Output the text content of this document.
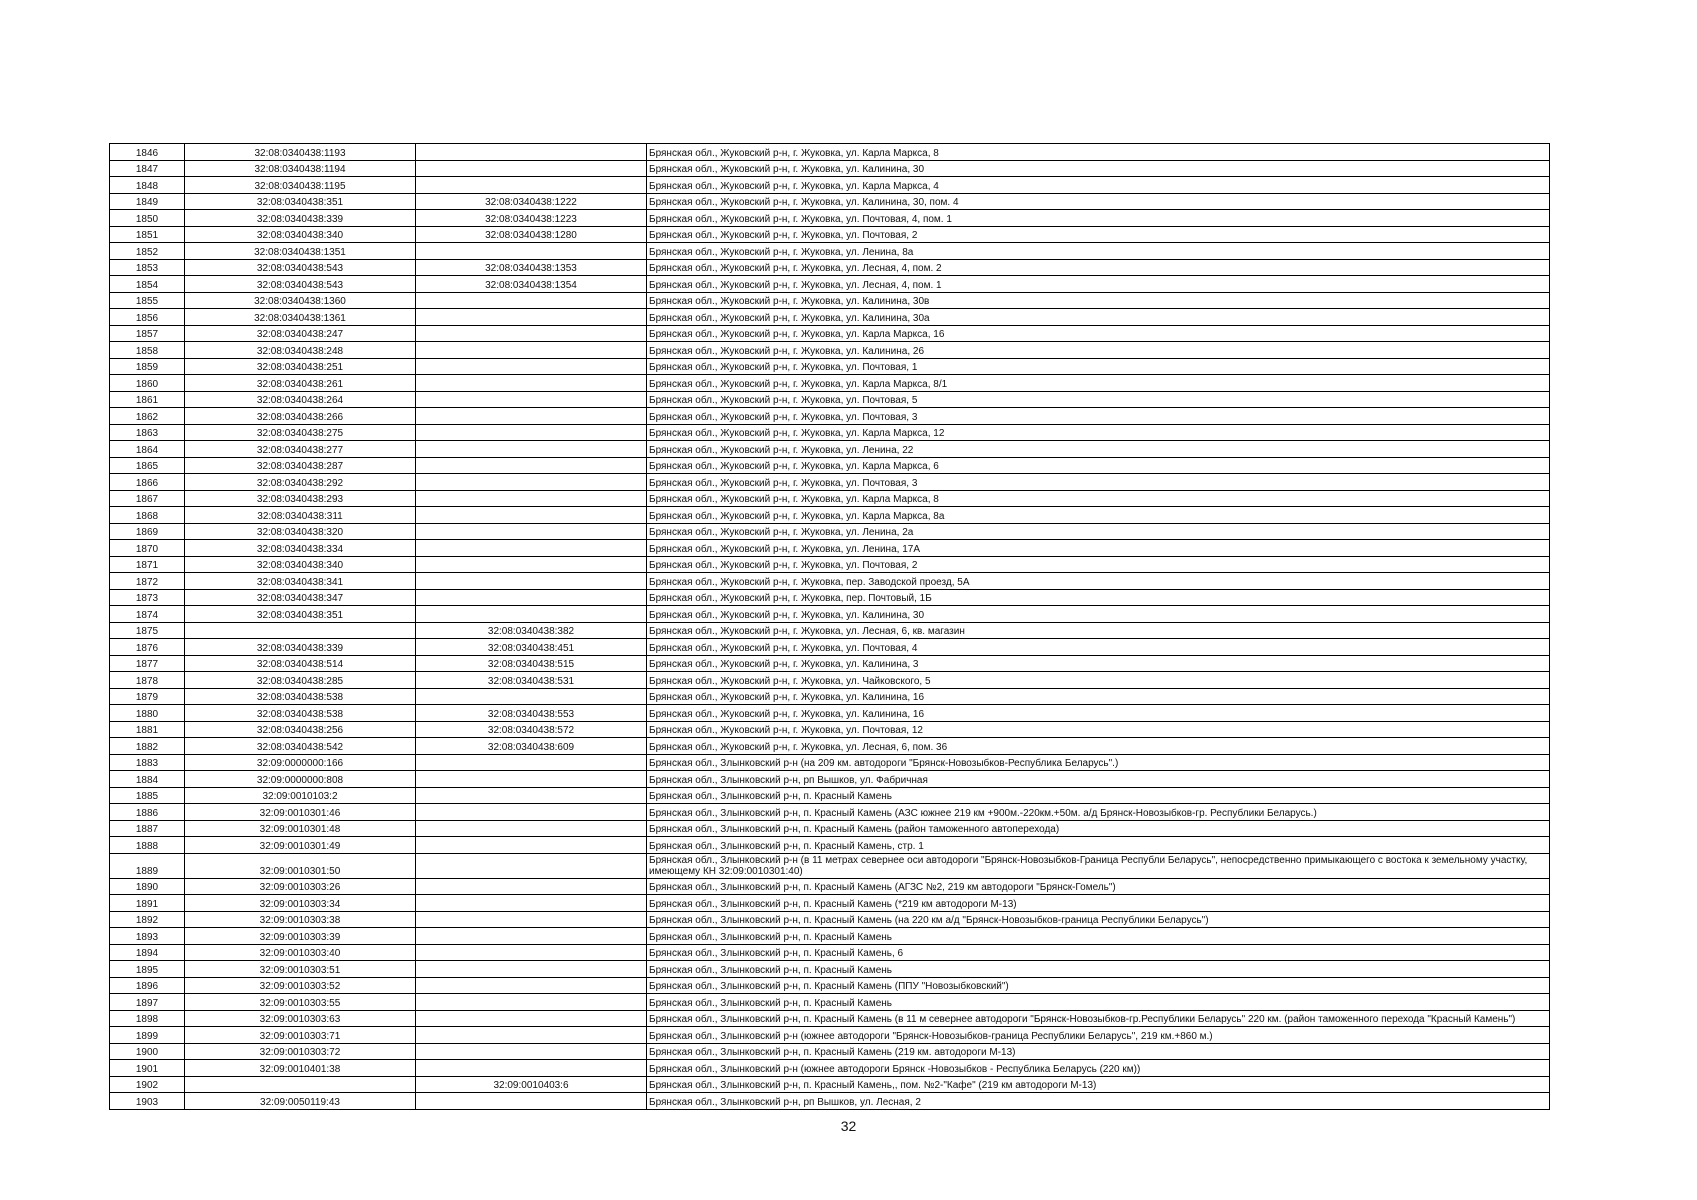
1846	32:08:0340438:1193		Брянская обл., Жуковский р-н, г. Жуковка, ул. Карла Маркса, 8
1847	32:08:0340438:1194		Брянская обл., Жуковский р-н, г. Жуковка, ул. Калинина, 30
1848	32:08:0340438:1195		Брянская обл., Жуковский р-н, г. Жуковка, ул. Карла Маркса, 4
1849	32:08:0340438:351	32:08:0340438:1222	Брянская обл., Жуковский р-н, г. Жуковка, ул. Калинина, 30, пом. 4
1850	32:08:0340438:339	32:08:0340438:1223	Брянская обл., Жуковский р-н, г. Жуковка, ул. Почтовая, 4, пом. 1
1851	32:08:0340438:340	32:08:0340438:1280	Брянская обл., Жуковский р-н, г. Жуковка, ул. Почтовая, 2
1852	32:08:0340438:1351		Брянская обл., Жуковский р-н, г. Жуковка, ул. Ленина, 8а
1853	32:08:0340438:543	32:08:0340438:1353	Брянская обл., Жуковский р-н, г. Жуковка, ул. Лесная, 4, пом. 2
1854	32:08:0340438:543	32:08:0340438:1354	Брянская обл., Жуковский р-н, г. Жуковка, ул. Лесная, 4, пом. 1
1855	32:08:0340438:1360		Брянская обл., Жуковский р-н, г. Жуковка, ул. Калинина, 30в
1856	32:08:0340438:1361		Брянская обл., Жуковский р-н, г. Жуковка, ул. Калинина, 30а
1857	32:08:0340438:247		Брянская обл., Жуковский р-н, г. Жуковка, ул. Карла Маркса, 16
1858	32:08:0340438:248		Брянская обл., Жуковский р-н, г. Жуковка, ул. Калинина, 26
1859	32:08:0340438:251		Брянская обл., Жуковский р-н, г. Жуковка, ул. Почтовая, 1
1860	32:08:0340438:261		Брянская обл., Жуковский р-н, г. Жуковка, ул. Карла Маркса, 8/1
1861	32:08:0340438:264		Брянская обл., Жуковский р-н, г. Жуковка, ул. Почтовая, 5
1862	32:08:0340438:266		Брянская обл., Жуковский р-н, г. Жуковка, ул. Почтовая, 3
1863	32:08:0340438:275		Брянская обл., Жуковский р-н, г. Жуковка, ул. Карла Маркса, 12
1864	32:08:0340438:277		Брянская обл., Жуковский р-н, г. Жуковка, ул. Ленина, 22
1865	32:08:0340438:287		Брянская обл., Жуковский р-н, г. Жуковка, ул. Карла Маркса, 6
1866	32:08:0340438:292		Брянская обл., Жуковский р-н, г. Жуковка, ул. Почтовая, 3
1867	32:08:0340438:293		Брянская обл., Жуковский р-н, г. Жуковка, ул. Карла Маркса, 8
1868	32:08:0340438:311		Брянская обл., Жуковский р-н, г. Жуковка, ул. Карла Маркса, 8а
1869	32:08:0340438:320		Брянская обл., Жуковский р-н, г. Жуковка, ул. Ленина, 2а
1870	32:08:0340438:334		Брянская обл., Жуковский р-н, г. Жуковка, ул. Ленина, 17А
1871	32:08:0340438:340		Брянская обл., Жуковский р-н, г. Жуковка, ул. Почтовая, 2
1872	32:08:0340438:341		Брянская обл., Жуковский р-н, г. Жуковка, пер. Заводской проезд, 5А
1873	32:08:0340438:347		Брянская обл., Жуковский р-н, г. Жуковка, пер. Почтовый, 1Б
1874	32:08:0340438:351		Брянская обл., Жуковский р-н, г. Жуковка, ул. Калинина, 30
1875		32:08:0340438:382	Брянская обл., Жуковский р-н, г. Жуковка, ул. Лесная, 6, кв. магазин
1876	32:08:0340438:339	32:08:0340438:451	Брянская обл., Жуковский р-н, г. Жуковка, ул. Почтовая, 4
1877	32:08:0340438:514	32:08:0340438:515	Брянская обл., Жуковский р-н, г. Жуковка, ул. Калинина, 3
1878	32:08:0340438:285	32:08:0340438:531	Брянская обл., Жуковский р-н, г. Жуковка, ул. Чайковского, 5
1879	32:08:0340438:538		Брянская обл., Жуковский р-н, г. Жуковка, ул. Калинина, 16
1880	32:08:0340438:538	32:08:0340438:553	Брянская обл., Жуковский р-н, г. Жуковка, ул. Калинина, 16
1881	32:08:0340438:256	32:08:0340438:572	Брянская обл., Жуковский р-н, г. Жуковка, ул. Почтовая, 12
1882	32:08:0340438:542	32:08:0340438:609	Брянская обл., Жуковский р-н, г. Жуковка, ул. Лесная, 6, пом. 36
1883	32:09:0000000:166		Брянская обл., Злынковский р-н (на 209 км. автодороги "Брянск-Новозыбков-Республика Беларусь".)
1884	32:09:0000000:808		Брянская обл., Злынковский р-н, рп Вышков, ул. Фабричная
1885	32:09:0010103:2		Брянская обл., Злынковский р-н, п. Красный Камень
1886	32:09:0010301:46		Брянская обл., Злынковский р-н, п. Красный Камень (АЗС южнее 219 км +900м.-220км.+50м. а/д Брянск-Новозыбков-гр. Республики Беларусь.)
1887	32:09:0010301:48		Брянская обл., Злынковский р-н, п. Красный Камень (район таможенного автоперехода)
1888	32:09:0010301:49		Брянская обл., Злынковский р-н, п. Красный Камень, стр. 1
1889	32:09:0010301:50		Брянская обл., Злынковский р-н (в 11 метрах севернее оси автодороги "Брянск-Новозыбков-Граница Республи Беларусь", непосредственно примыкающего с востока к земельному участку, имеющему КН 32:09:0010301:40)
1890	32:09:0010303:26		Брянская обл., Злынковский р-н, п. Красный Камень (АГЗС №2, 219 км автодороги "Брянск-Гомель")
1891	32:09:0010303:34		Брянская обл., Злынковский р-н, п. Красный Камень (*219 км автодороги М-13)
1892	32:09:0010303:38		Брянская обл., Злынковский р-н, п. Красный Камень (на 220 км а/д "Брянск-Новозыбков-граница Республики Беларусь")
1893	32:09:0010303:39		Брянская обл., Злынковский р-н, п. Красный Камень
1894	32:09:0010303:40		Брянская обл., Злынковский р-н, п. Красный Камень, 6
1895	32:09:0010303:51		Брянская обл., Злынковский р-н, п. Красный Камень
1896	32:09:0010303:52		Брянская обл., Злынковский р-н, п. Красный Камень (ППУ "Новозыбковский")
1897	32:09:0010303:55		Брянская обл., Злынковский р-н, п. Красный Камень
1898	32:09:0010303:63		Брянская обл., Злынковский р-н, п. Красный Камень (в 11 м севернее автодороги "Брянск-Новозыбков-гр.Республики Беларусь" 220 км. (район таможенного перехода "Красный Камень")
1899	32:09:0010303:71		Брянская обл., Злынковский р-н (южнее автодороги "Брянск-Новозыбков-граница Республики Беларусь", 219 км.+860 м.)
1900	32:09:0010303:72		Брянская обл., Злынковский р-н, п. Красный Камень (219 км. автодороги М-13)
1901	32:09:0010401:38		Брянская обл., Злынковский р-н (южнее автодороги Брянск -Новозыбков - Республика Беларусь (220 км))
1902		32:09:0010403:6	Брянская обл., Злынковский р-н, п. Красный Камень,, пом. №2-"Кафе" (219 км автодороги М-13)
1903	32:09:0050119:43		Брянская обл., Злынковский р-н, рп Вышков, ул. Лесная, 2
32
